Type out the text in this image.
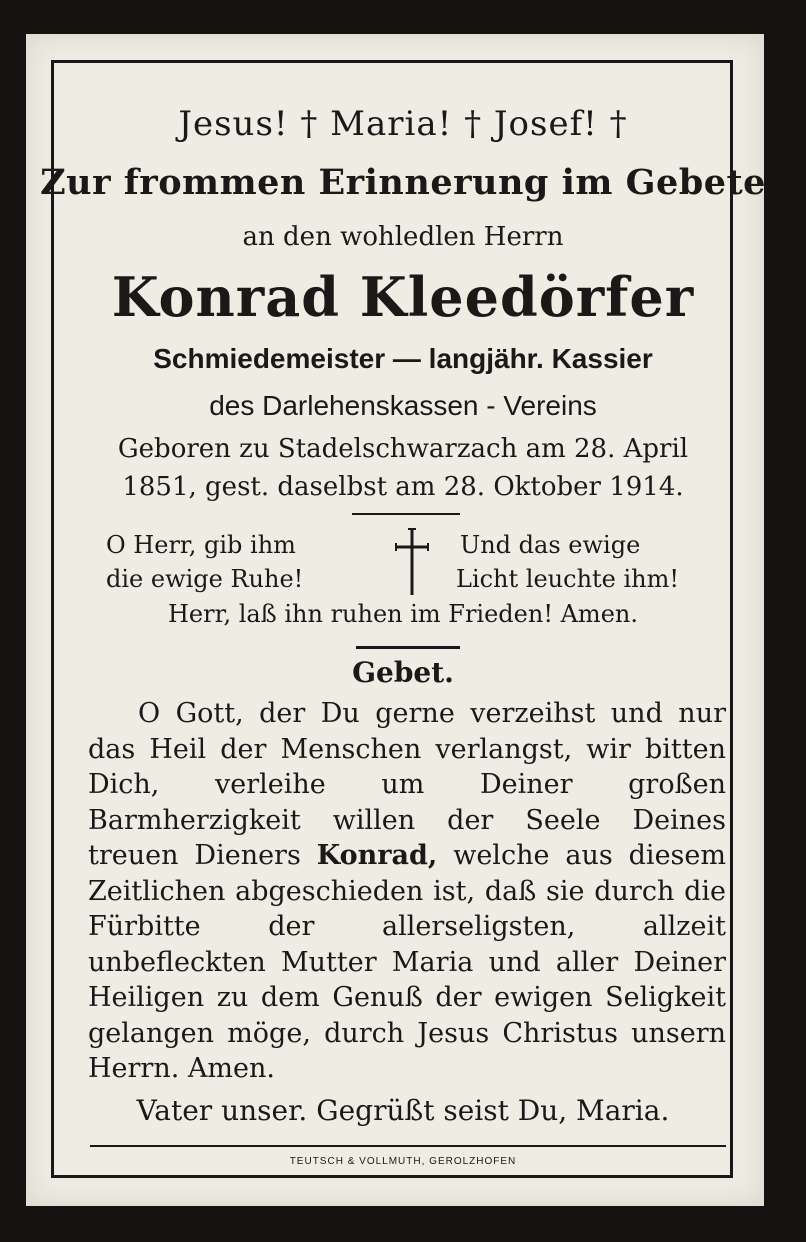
Jesus! † Maria! † Josef! †
Zur frommen Erinnerung im Gebete
an den wohledlen Herrn
Konrad Kleedörfer
Schmiedemeister — langjähr. Kassier
des Darlehenskassen - Vereins
Geboren zu Stadelschwarzach am 28. April
1851, gest. daselbst am 28. Oktober 1914.
O Herr, gib ihm
die ewige Ruhe!
Und das ewige
Licht leuchte ihm!
Herr, laß ihn ruhen im Frieden! Amen.
Gebet.
O Gott, der Du gerne verzeihst und nur das Heil der Menschen verlangst, wir bitten Dich, verleihe um Deiner großen Barmherzigkeit willen der Seele Deines treuen Dieners Konrad, welche aus diesem Zeitlichen abgeschieden ist, daß sie durch die Fürbitte der allerseligsten, allzeit unbefleckten Mutter Maria und aller Deiner Heiligen zu dem Genuß der ewigen Seligkeit gelangen möge, durch Jesus Christus unsern Herrn. Amen.
Vater unser. Gegrüßt seist Du, Maria.
TEUTSCH & VOLLMUTH, GEROLZHOFEN
